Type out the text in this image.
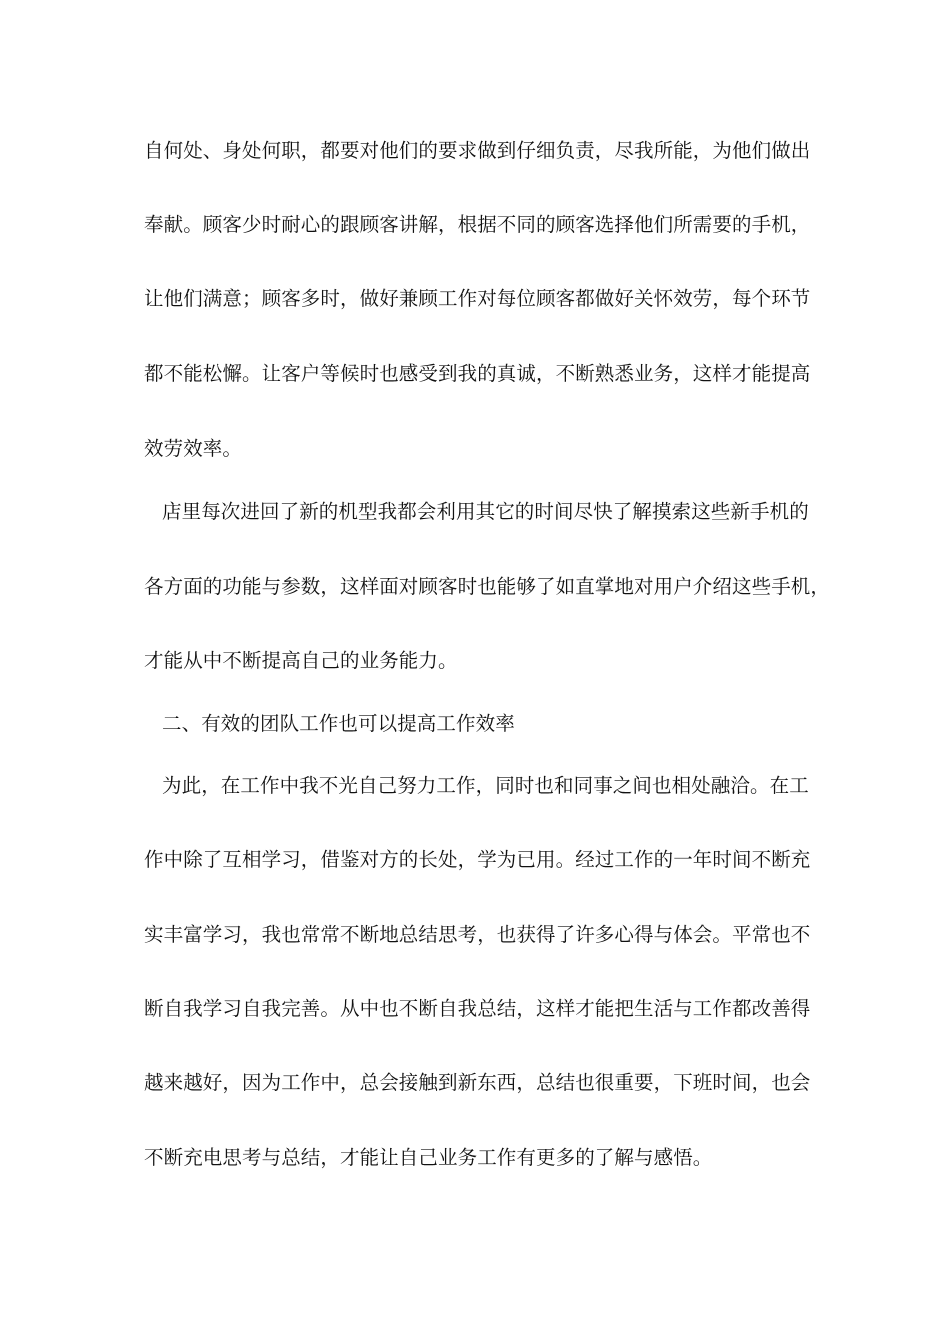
自何处、身处何职，都要对他们的要求做到仔细负责，尽我所能，为他们做出
奉献。顾客少时耐心的跟顾客讲解，根据不同的顾客选择他们所需要的手机，
让他们满意；顾客多时，做好兼顾工作对每位顾客都做好关怀效劳，每个环节
都不能松懈。让客户等候时也感受到我的真诚，不断熟悉业务，这样才能提高
效劳效率。
店里每次进回了新的机型我都会利用其它的时间尽快了解摸索这些新手机的
各方面的功能与参数，这样面对顾客时也能够了如直掌地对用户介绍这些手机，
才能从中不断提高自己的业务能力。
二、有效的团队工作也可以提高工作效率
为此，在工作中我不光自己努力工作，同时也和同事之间也相处融洽。在工
作中除了互相学习，借鉴对方的长处，学为已用。经过工作的一年时间不断充
实丰富学习，我也常常不断地总结思考，也获得了许多心得与体会。平常也不
断自我学习自我完善。从中也不断自我总结，这样才能把生活与工作都改善得
越来越好，因为工作中，总会接触到新东西，总结也很重要，下班时间，也会
不断充电思考与总结，才能让自己业务工作有更多的了解与感悟。
